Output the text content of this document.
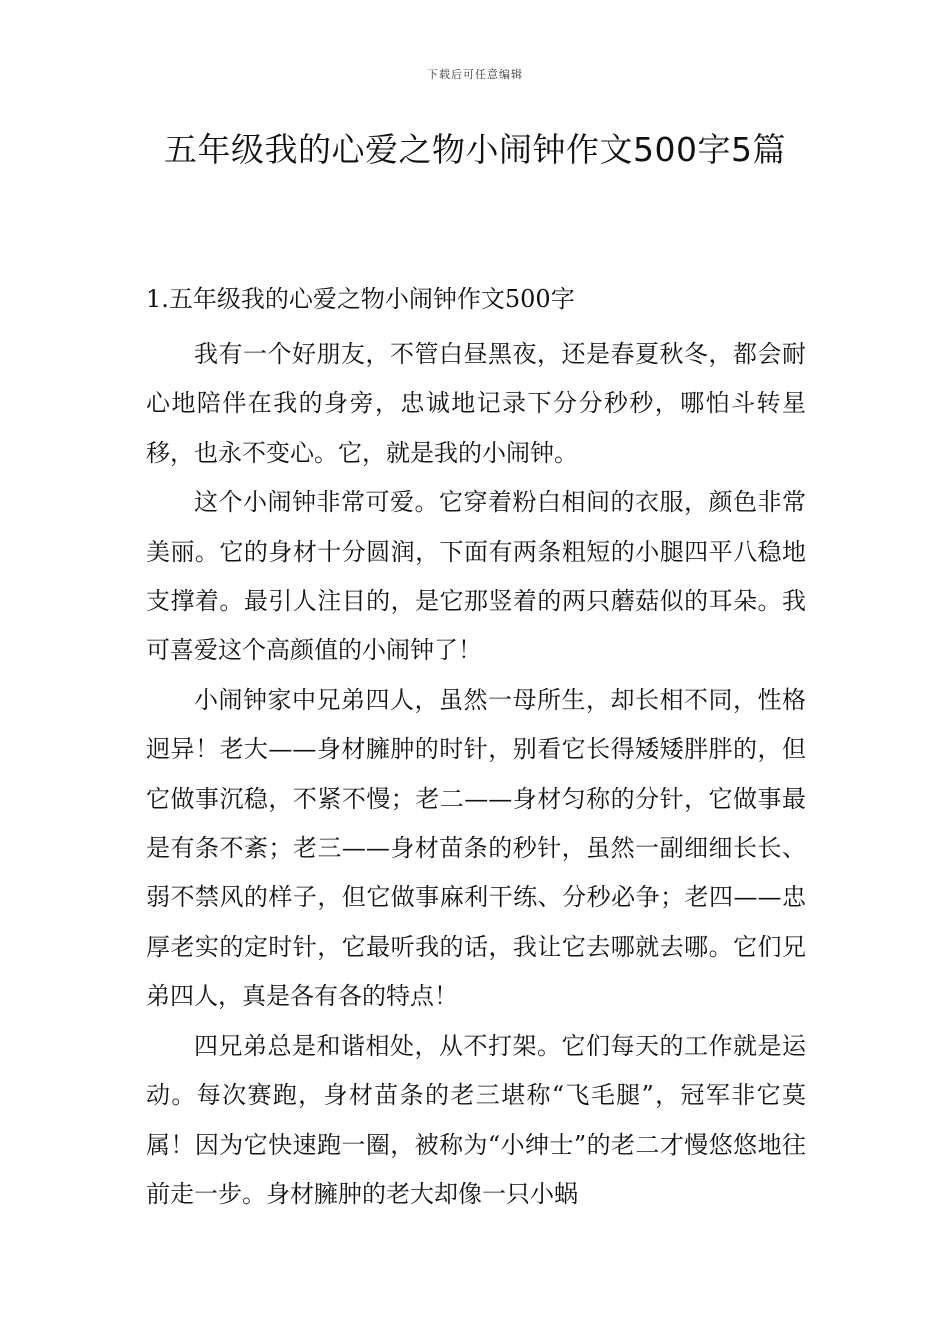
下载后可任意编辑
五年级我的心爱之物小闹钟作文500字5篇
1.五年级我的心爱之物小闹钟作文500字

我有一个好朋友，不管白昼黑夜，还是春夏秋冬，都会耐心地陪伴在我的身旁，忠诚地记录下分分秒秒，哪怕斗转星移，也永不变心。它，就是我的小闹钟。

这个小闹钟非常可爱。它穿着粉白相间的衣服，颜色非常美丽。它的身材十分圆润，下面有两条粗短的小腿四平八稳地支撑着。最引人注目的，是它那竖着的两只蘑菇似的耳朵。我可喜爱这个高颜值的小闹钟了！

小闹钟家中兄弟四人，虽然一母所生，却长相不同，性格迥异！老大——身材臃肿的时针，别看它长得矮矮胖胖的，但它做事沉稳，不紧不慢；老二——身材匀称的分针，它做事最是有条不紊；老三——身材苗条的秒针，虽然一副细细长长、弱不禁风的样子，但它做事麻利干练、分秒必争；老四——忠厚老实的定时针，它最听我的话，我让它去哪就去哪。它们兄弟四人，真是各有各的特点！

四兄弟总是和谐相处，从不打架。它们每天的工作就是运动。每次赛跑，身材苗条的老三堪称“飞毛腿”，冠军非它莫属！因为它快速跑一圈，被称为“小绅士”的老二才慢悠悠地往前走一步。身材臃肿的老大却像一只小蜗
